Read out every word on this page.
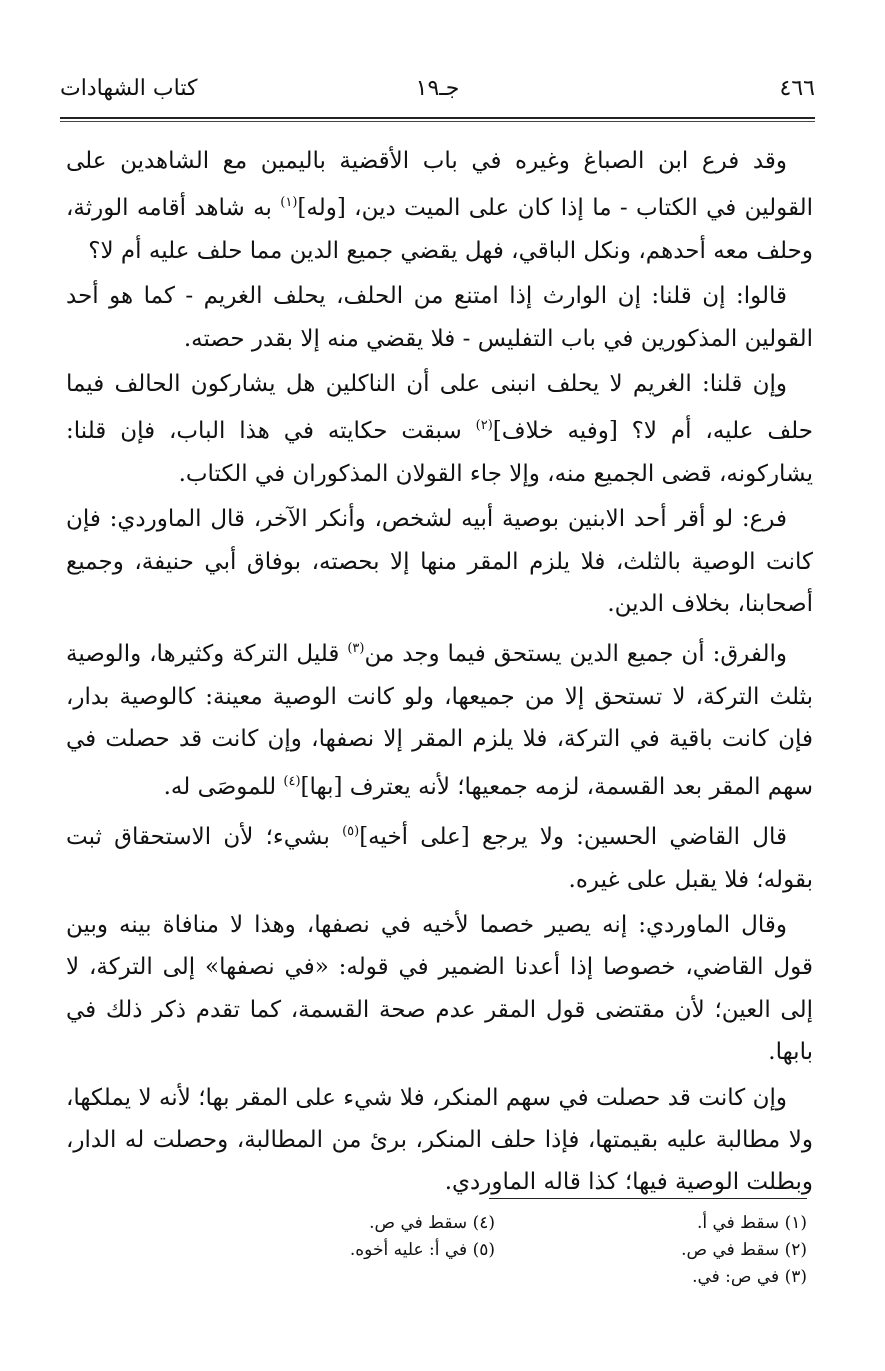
٤٦٦
جـ١٩
كتاب الشهادات

وقد فرع ابن الصباغ وغيره في باب الأقضية باليمين مع الشاهدين على القولين في الكتاب - ما إذا كان على الميت دين، [وله]$^{(١)}$ به شاهد أقامه الورثة، وحلف معه أحدهم، ونكل الباقي، فهل يقضي جميع الدين مما حلف عليه أم لا؟

قالوا: إن قلنا: إن الوارث إذا امتنع من الحلف، يحلف الغريم - كما هو أحد القولين المذكورين في باب التفليس - فلا يقضي منه إلا بقدر حصته.

وإن قلنا: الغريم لا يحلف انبنى على أن الناكلين هل يشاركون الحالف فيما حلف عليه، أم لا؟ [وفيه خلاف]$^{(٢)}$ سبقت حكايته في هذا الباب، فإن قلنا: يشاركونه، قضى الجميع منه، وإلا جاء القولان المذكوران في الكتاب.

فرع: لو أقر أحد الابنين بوصية أبيه لشخص، وأنكر الآخر، قال الماوردي: فإن كانت الوصية بالثلث، فلا يلزم المقر منها إلا بحصته، بوفاق أبي حنيفة، وجميع أصحابنا، بخلاف الدين.

والفرق: أن جميع الدين يستحق فيما وجد من$^{(٣)}$ قليل التركة وكثيرها، والوصية بثلث التركة، لا تستحق إلا من جميعها، ولو كانت الوصية معينة: كالوصية بدار، فإن كانت باقية في التركة، فلا يلزم المقر إلا نصفها، وإن كانت قد حصلت في سهم المقر بعد القسمة، لزمه جمعيها؛ لأنه يعترف [بها]$^{(٤)}$ للموصَى له.

قال القاضي الحسين: ولا يرجع [على أخيه]$^{(٥)}$ بشيء؛ لأن الاستحقاق ثبت بقوله؛ فلا يقبل على غيره.

وقال الماوردي: إنه يصير خصما لأخيه في نصفها، وهذا لا منافاة بينه وبين قول القاضي، خصوصا إذا أعدنا الضمير في قوله: «في نصفها» إلى التركة، لا إلى العين؛ لأن مقتضى قول المقر عدم صحة القسمة، كما تقدم ذكر ذلك في بابها.

وإن كانت قد حصلت في سهم المنكر، فلا شيء على المقر بها؛ لأنه لا يملكها، ولا مطالبة عليه بقيمتها، فإذا حلف المنكر، برئ من المطالبة، وحصلت له الدار، وبطلت الوصية فيها؛ كذا قاله الماوردي.

(١) سقط في أ.
(٢) سقط في ص.
(٣) في ص: في.
(٤) سقط في ص.
(٥) في أ: عليه أخوه.
